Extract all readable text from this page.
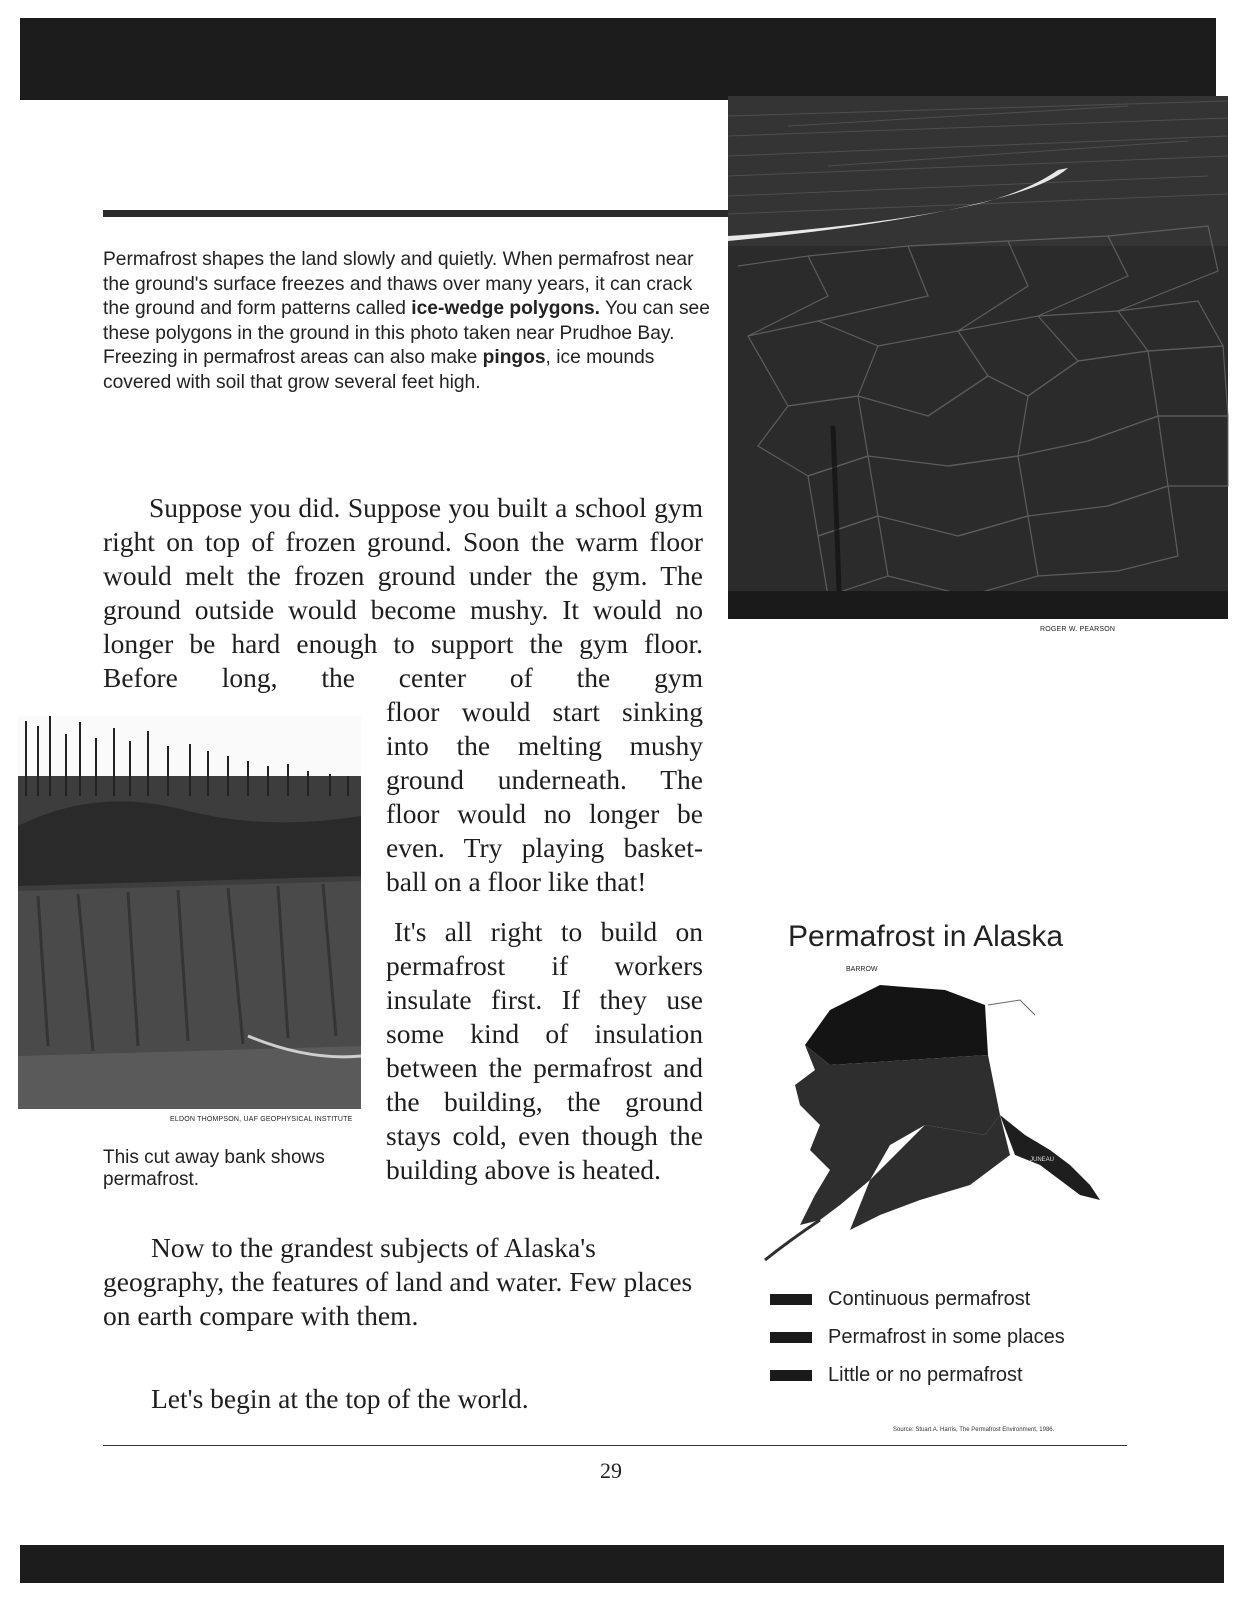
ROGER W. PEARSON
Permafrost shapes the land slowly and quietly. When permafrost near the ground's surface freezes and thaws over many years, it can crack the ground and form patterns called ice-wedge polygons. You can see these polygons in the ground in this photo taken near Prudhoe Bay. Freezing in permafrost areas can also make pingos, ice mounds covered with soil that grow several feet high.

Suppose you did. Suppose you built a school gym right on top of frozen ground. Soon the warm floor would melt the frozen ground under the gym. The ground outside would become mushy. It would no longer be hard enough to support the gym floor. Before long, the center of the gym

ELDON THOMPSON, UAF GEOPHYSICAL INSTITUTE
This cut away bank shows permafrost.

floor would start sinking into the melting mushy ground underneath. The floor would no longer be even. Try playing basket-ball on a floor like that!

It's all right to build on permafrost if workers insulate first. If they use some kind of insulation between the permafrost and the building, the ground stays cold, even though the building above is heated.

Now to the grandest subjects of Alaska's geography, the features of land and water. Few places on earth compare with them.

Let's begin at the top of the world.

Permafrost in Alaska
BARROW
JUNEAU
Continuous permafrost
Permafrost in some places
Little or no permafrost
Source: Stuart A. Harris, The Permafrost Environment, 1986.
29
